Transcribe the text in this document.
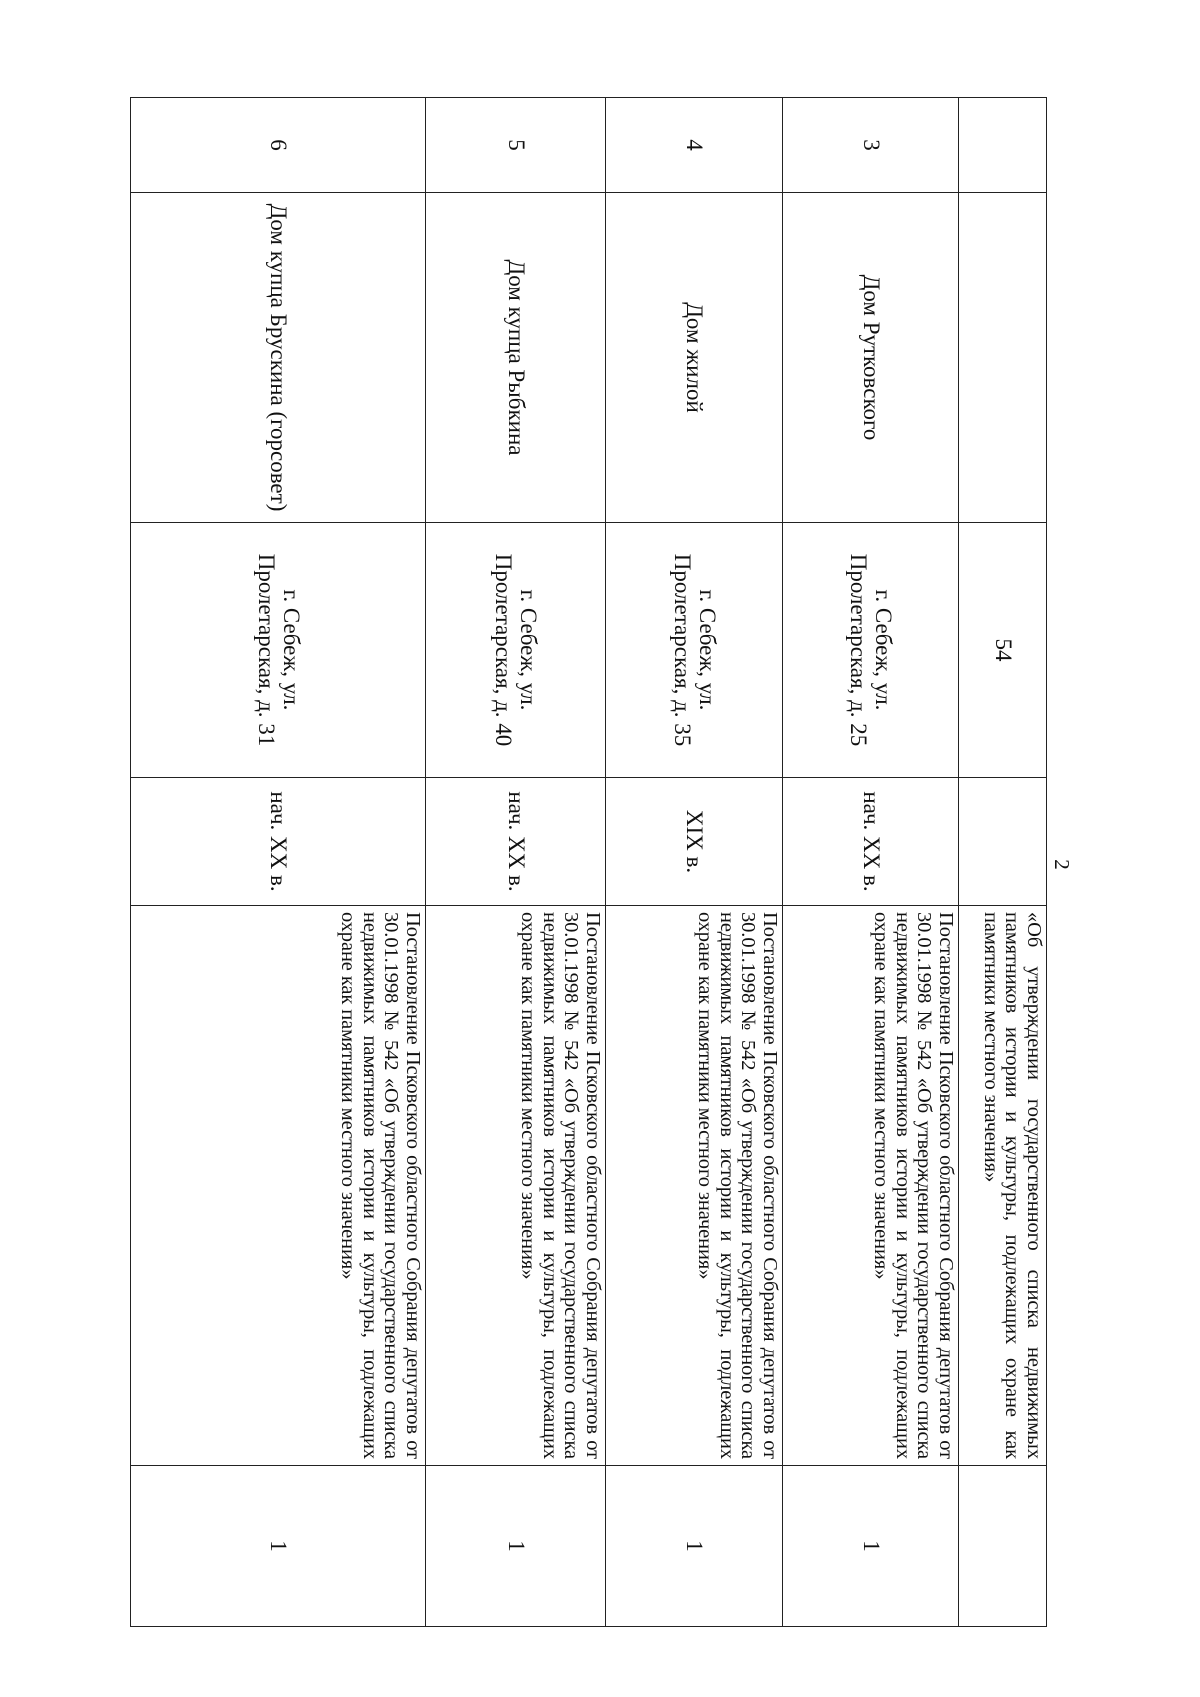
2
54
«Об утверждении государственного списка недвижимых памятников истории и культуры, подлежащих охране как памятники местного значения»
3
Дом Рутковского
г. Себеж, ул. Пролетарская, д. 25
нач. XX в.
Постановление Псковского областного Собрания депутатов от 30.01.1998 № 542 «Об утверждении государственного списка недвижимых памятников истории и культуры, подлежащих охране как памятники местного значения»
1
4
Дом жилой
г. Себеж, ул. Пролетарская, д. 35
XIX в.
Постановление Псковского областного Собрания депутатов от 30.01.1998 № 542 «Об утверждении государственного списка недвижимых памятников истории и культуры, подлежащих охране как памятники местного значения»
1
5
Дом купца Рыбкина
г. Себеж, ул. Пролетарская, д. 40
нач. XX в.
Постановление Псковского областного Собрания депутатов от 30.01.1998 № 542 «Об утверждении государственного списка недвижимых памятников истории и культуры, подлежащих охране как памятники местного значения»
1
6
Дом купца Брускина (горсовет)
г. Себеж, ул. Пролетарская, д. 31
нач. XX в.
Постановление Псковского областного Собрания депутатов от 30.01.1998 № 542 «Об утверждении государственного списка недвижимых памятников истории и культуры, подлежащих охране как памятники местного значения»
1
